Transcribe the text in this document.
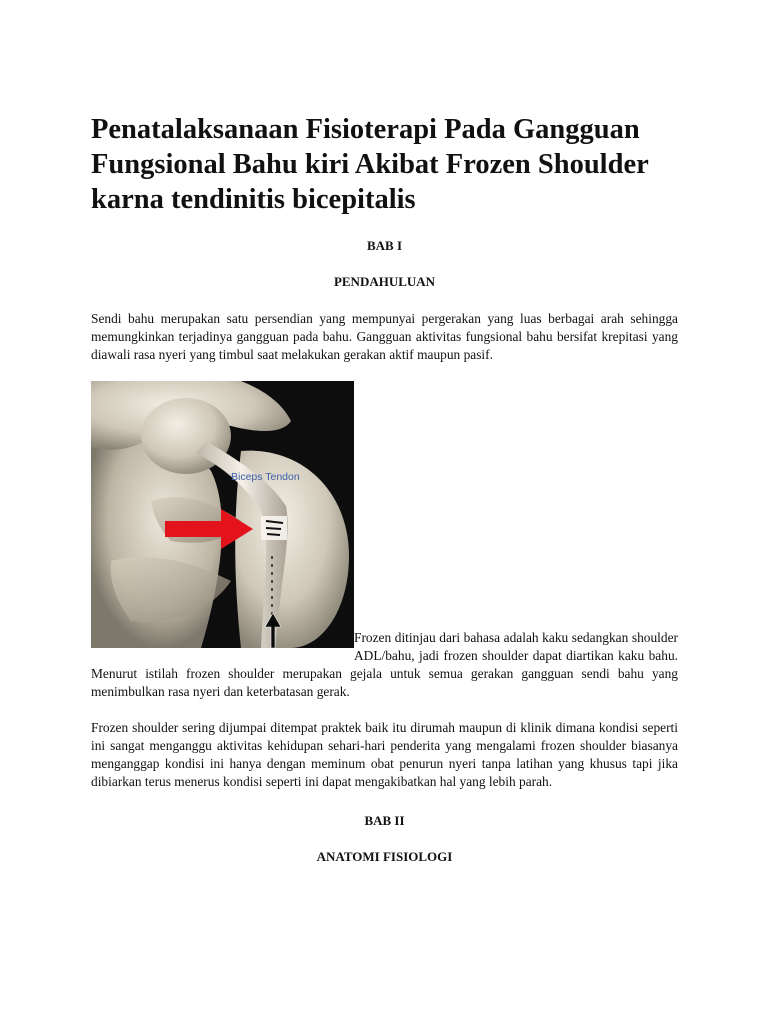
Penatalaksanaan Fisioterapi Pada Gangguan Fungsional Bahu kiri Akibat Frozen Shoulder karna tendinitis bicepitalis

BAB I

PENDAHULUAN

Sendi bahu merupakan satu persendian yang mempunyai pergerakan yang luas berbagai arah sehingga memungkinkan terjadinya gangguan pada bahu. Gangguan aktivitas fungsional bahu bersifat krepitasi yang diawali rasa nyeri yang timbul saat melakukan gerakan aktif maupun pasif.

Biceps Tendon

Frozen ditinjau dari bahasa adalah kaku sedangkan shoulder ADL/bahu, jadi frozen shoulder dapat diartikan kaku bahu. Menurut istilah frozen shoulder merupakan gejala untuk semua gerakan gangguan sendi bahu yang menimbulkan rasa nyeri dan keterbatasan gerak.

Frozen shoulder sering dijumpai ditempat praktek baik itu dirumah maupun di klinik dimana kondisi seperti ini sangat menganggu aktivitas kehidupan sehari-hari penderita yang mengalami frozen shoulder biasanya menganggap kondisi ini hanya dengan meminum obat penurun nyeri tanpa latihan yang khusus tapi jika dibiarkan terus menerus kondisi seperti ini dapat mengakibatkan hal yang lebih parah.

BAB II

ANATOMI FISIOLOGI
